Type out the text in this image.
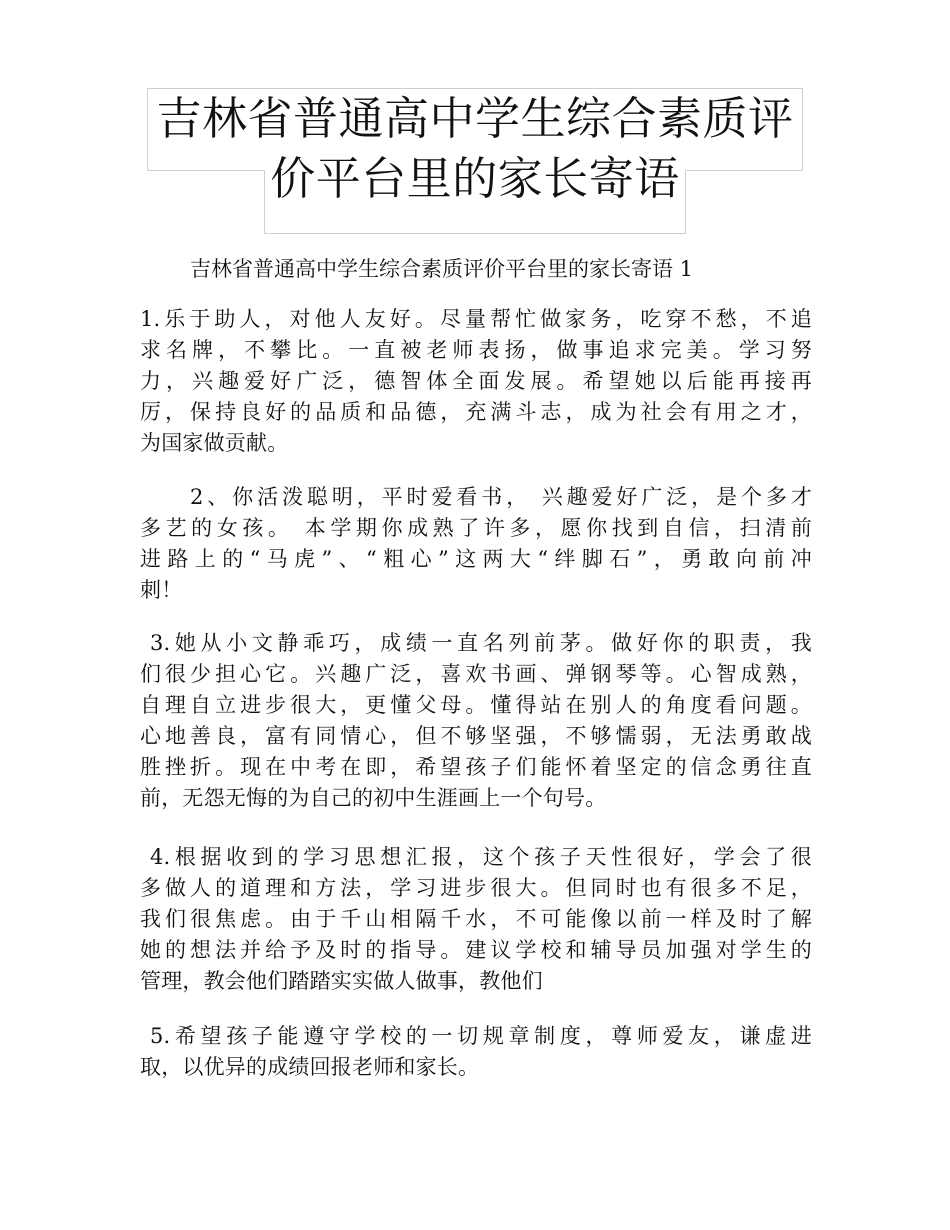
吉林省普通高中学生综合素质评
价平台里的家长寄语
吉林省普通高中学生综合素质评价平台里的家长寄语 1
1.乐于助人，对他人友好。尽量帮忙做家务，吃穿不愁，不追
求名牌，不攀比。一直被老师表扬，做事追求完美。学习努
力，兴趣爱好广泛，德智体全面发展。希望她以后能再接再
厉，保持良好的品质和品德，充满斗志，成为社会有用之才，
为国家做贡献。
2、你活泼聪明，平时爱看书， 兴趣爱好广泛，是个多才
多艺的女孩。 本学期你成熟了许多，愿你找到自信，扫清前
进路上的“马虎”、“粗心”这两大“绊脚石”，勇敢向前冲
刺！
3.她从小文静乖巧，成绩一直名列前茅。做好你的职责，我
们很少担心它。兴趣广泛，喜欢书画、弹钢琴等。心智成熟，
自理自立进步很大，更懂父母。懂得站在别人的角度看问题。
心地善良，富有同情心，但不够坚强，不够懦弱，无法勇敢战
胜挫折。现在中考在即，希望孩子们能怀着坚定的信念勇往直
前，无怨无悔的为自己的初中生涯画上一个句号。
4.根据收到的学习思想汇报，这个孩子天性很好，学会了很
多做人的道理和方法，学习进步很大。但同时也有很多不足，
我们很焦虑。由于千山相隔千水，不可能像以前一样及时了解
她的想法并给予及时的指导。建议学校和辅导员加强对学生的
管理，教会他们踏踏实实做人做事，教他们
5.希望孩子能遵守学校的一切规章制度，尊师爱友，谦虚进
取，以优异的成绩回报老师和家长。
